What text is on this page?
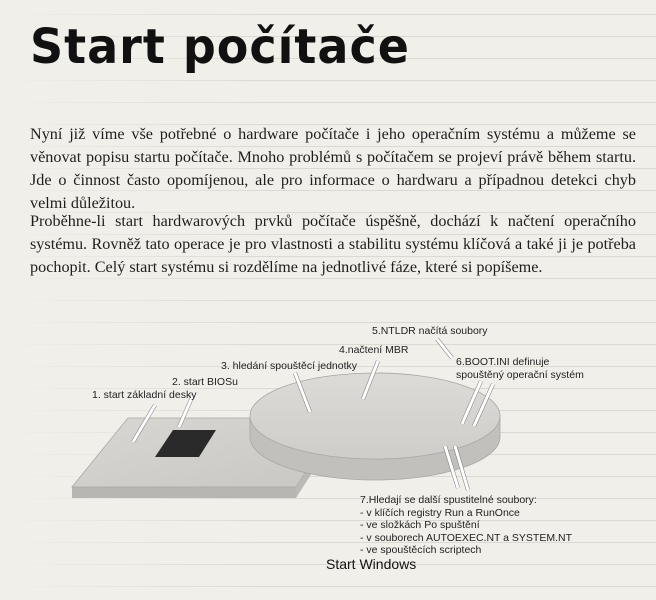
Start počítače

Nyní již víme vše potřebné o hardware počítače i jeho operačním systému a můžeme se věnovat popisu startu počítače. Mnoho problémů s počítačem se projeví právě během startu. Jde o činnost často opomíjenou, ale pro informace o hardwaru a případnou detekci chyb velmi důležitou.

Proběhne-li start hardwarových prvků počítače úspěšně, dochází k načtení operačního systému. Rovněž tato operace je pro vlastnosti a stabilitu systému klíčová a také ji je potřeba pochopit. Celý start systému si rozdělíme na jednotlivé fáze, které si popíšeme.

1. start základní desky
2. start BIOSu
3. hledání spouštěcí jednotky
4.načtení MBR
5.NTLDR načítá soubory
6.BOOT.INI definuje
spouštěný operační systém
7.Hledají se další spustitelné soubory:
- v klíčích registry Run a RunOnce
- ve složkách Po spuštění
- v souborech AUTOEXEC.NT a SYSTEM.NT
- ve spouštěcích scriptech
Start Windows
